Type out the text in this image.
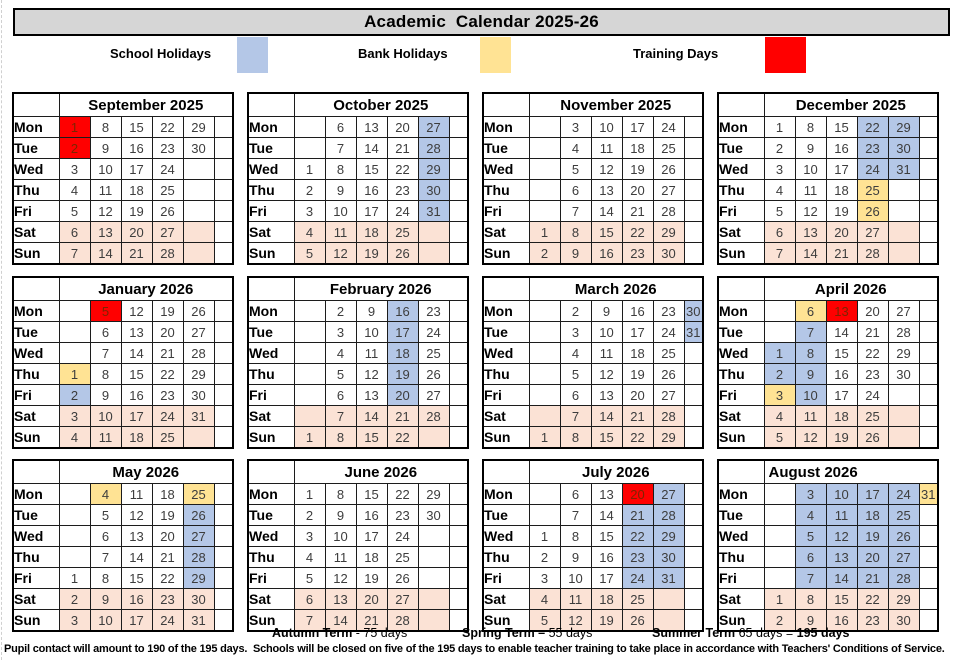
Academic  Calendar 2025-26
School Holidays	Bank Holidays	Training Days
	September 2025					
Mon	1	8	15	22	29	
Tue	2	9	16	23	30	
Wed	3	10	17	24		
Thu	4	11	18	25		
Fri	5	12	19	26		
Sat	6	13	20	27		
Sun	7	14	21	28		
	October 2025					
Mon		6	13	20	27	
Tue		7	14	21	28	
Wed	1	8	15	22	29	
Thu	2	9	16	23	30	
Fri	3	10	17	24	31	
Sat	4	11	18	25		
Sun	5	12	19	26		
	November 2025					
Mon		3	10	17	24	
Tue		4	11	18	25	
Wed		5	12	19	26	
Thu		6	13	20	27	
Fri		7	14	21	28	
Sat	1	8	15	22	29	
Sun	2	9	16	23	30	
	December 2025					
Mon	1	8	15	22	29	
Tue	2	9	16	23	30	
Wed	3	10	17	24	31	
Thu	4	11	18	25		
Fri	5	12	19	26		
Sat	6	13	20	27		
Sun	7	14	21	28		
	January 2026					
Mon		5	12	19	26	
Tue		6	13	20	27	
Wed		7	14	21	28	
Thu	1	8	15	22	29	
Fri	2	9	16	23	30	
Sat	3	10	17	24	31	
Sun	4	11	18	25		
	February 2026					
Mon		2	9	16	23	
Tue		3	10	17	24	
Wed		4	11	18	25	
Thu		5	12	19	26	
Fri		6	13	20	27	
Sat		7	14	21	28	
Sun	1	8	15	22		
	March 2026					
Mon		2	9	16	23	30
Tue		3	10	17	24	31
Wed		4	11	18	25	
Thu		5	12	19	26	
Fri		6	13	20	27	
Sat		7	14	21	28	
Sun	1	8	15	22	29	
	April 2026					
Mon		6	13	20	27	
Tue		7	14	21	28	
Wed	1	8	15	22	29	
Thu	2	9	16	23	30	
Fri	3	10	17	24		
Sat	4	11	18	25		
Sun	5	12	19	26		
	May 2026					
Mon		4	11	18	25	
Tue		5	12	19	26	
Wed		6	13	20	27	
Thu		7	14	21	28	
Fri	1	8	15	22	29	
Sat	2	9	16	23	30	
Sun	3	10	17	24	31	
	June 2026					
Mon	1	8	15	22	29	
Tue	2	9	16	23	30	
Wed	3	10	17	24		
Thu	4	11	18	25		
Fri	5	12	19	26		
Sat	6	13	20	27		
Sun	7	14	21	28		
	July 2026					
Mon		6	13	20	27	
Tue		7	14	21	28	
Wed	1	8	15	22	29	
Thu	2	9	16	23	30	
Fri	3	10	17	24	31	
Sat	4	11	18	25		
Sun	5	12	19	26		
	August 2026					
Mon		3	10	17	24	31
Tue		4	11	18	25	
Wed		5	12	19	26	
Thu		6	13	20	27	
Fri		7	14	21	28	
Sat	1	8	15	22	29	
Sun	2	9	16	23	30	
Autumn Term - 75 days	Spring Term – 55 days	Summer Term 65 days = 195 days
Pupil contact will amount to 190 of the 195 days.  Schools will be closed on five of the 195 days to enable teacher training to take place in accordance with Teachers' Conditions of Service.
